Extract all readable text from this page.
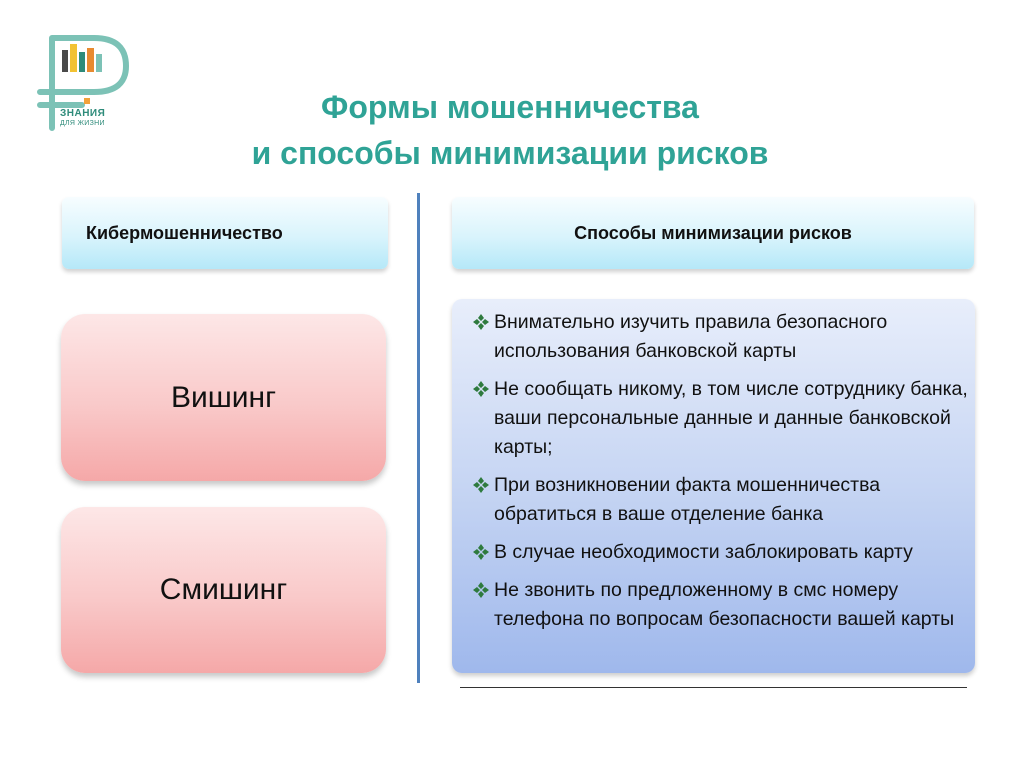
ЗНАНИЯ
ДЛЯ ЖИЗНИ	Формы мошенничества
и способы минимизации рисков
Кибермошенничество	Способы минимизации рисков
Вишинг
Смишинг
Внимательно изучить правила безопасного использования банковской карты
Не сообщать никому, в том числе сотруднику банка, ваши персональные данные и данные банковской карты;
При возникновении факта мошенничества обратиться в ваше отделение банка
В случае необходимости заблокировать карту
Не звонить по предложенному в смс номеру телефона по вопросам безопасности вашей карты
